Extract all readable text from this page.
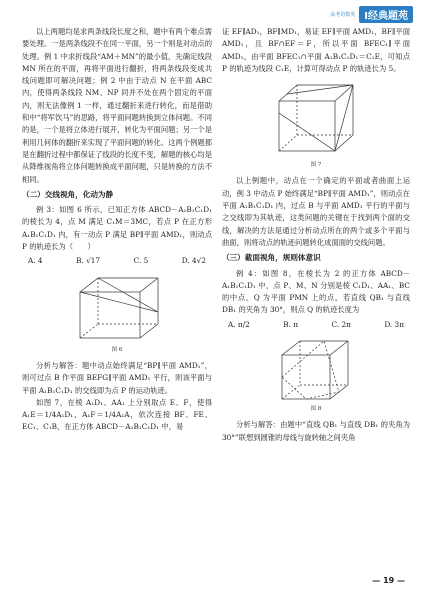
高考语数英 I经典题苑

以上两题均是求两条线段长度之和，题中有两个难点需要处理。一是两条线段不在同一平面，另一个则是对动点的处理。例 1 中求折线段“AM＋MN”的最小值，先确定线段 MN 所在的平面，再将平面进行翻折，将两条线段变成共线问题即可解决问题；例 2 中由于动点 N 在平面 ABC 内，使得两条线段 NM、NP 同并不处在两个固定的平面内，则无法像例 1 一样，通过翻折来进行转化，而是借助和中“将军饮马”的思路，将平面问题转换到立体问题。不同的是，一个是将立体进行展开，转化为平面问题；另一个是利用几何体的翻折来实现了平面问题的转化。这两个例题都是在翻折过程中都保证了线段的长度不变，解题的核心均是从降维视角将立体问题转换成平面问题，只是转换的方法不相同。

（二）交线视角，化动为静

例 3：如图 6 所示，已知正方体 ABCD－A₁B₁C₁D₁ 的棱长为 4，点 M 满足 C₁M＝3MC，若点 P 在正方形 A₁B₁C₁D₁ 内，有一动点 P 满足 BP∥平面 AMD₁，则动点 P 的轨迹长为（　　）

A. 4	B. √17	C. 5	D. 4√2
图 6

分析与解答：题中动点始终满足“BP∥平面 AMD₁”，则可过点 B 作平面 BEFG∥平面 AMD₁ 平行，则该平面与平面 A₁B₁C₁D₁ 的交线即为点 P 的运动轨迹。

如图 7，在棱 A₁D₁、AA₁ 上分别取点 E、F，使得 A₁E＝1/4A₁D₁，A₁F＝1/4A₁A，依次连接 BF、FE、EC₁、C₁B，在正方体 ABCD－A₁B₁C₁D₁ 中，易

证 EF∥AD₁，BF∥MD₁，易证 EF∥平面 AMD₁，BF∥平面 AMD₁，且 BF∩EF＝F，所以平面 BFEC₁∥平面 AMD₁，由平面 BFEC₁∩平面 A₁B₁C₁D₁＝C₁E，可知点 P 的轨迹为线段 C₁E，计算可得动点 P 的轨迹长为 5。

图 7

以上例题中，动点在一个确定的平面或者曲面上运动，例 3 中动点 P 始终满足“BP∥平面 AMD₁”，则动点在平面 A₁B₁C₁D₁ 内，过点 B 与平面 AMD₁ 平行的平面与之交线即为其轨迹，这类问题的关键在于找到两个面的交线，解决的方法是通过分析动点所在的两个或多个平面与曲面，则将动点的轨迹问题转化成面面的交线问题。

（三）截面视角，规则体意识

例 4：如图 8，在棱长为 2 的正方体 ABCD－A₁B₁C₁D₁ 中，点 P、M、N 分别是棱 C₁D₁、AA₁、BC 的中点，Q 为平面 PMN 上的点，若直线 QB₁ 与直线 DB₁ 的夹角为 30°，则点 Q 的轨迹长度为

A. π/2	B. π	C. 2π	D. 3π
图 8

分析与解答：由题中“直线 QB₁ 与直线 DB₁ 的夹角为 30°”联想到圆锥的母线与旋转轴之间夹角

— 19 —
